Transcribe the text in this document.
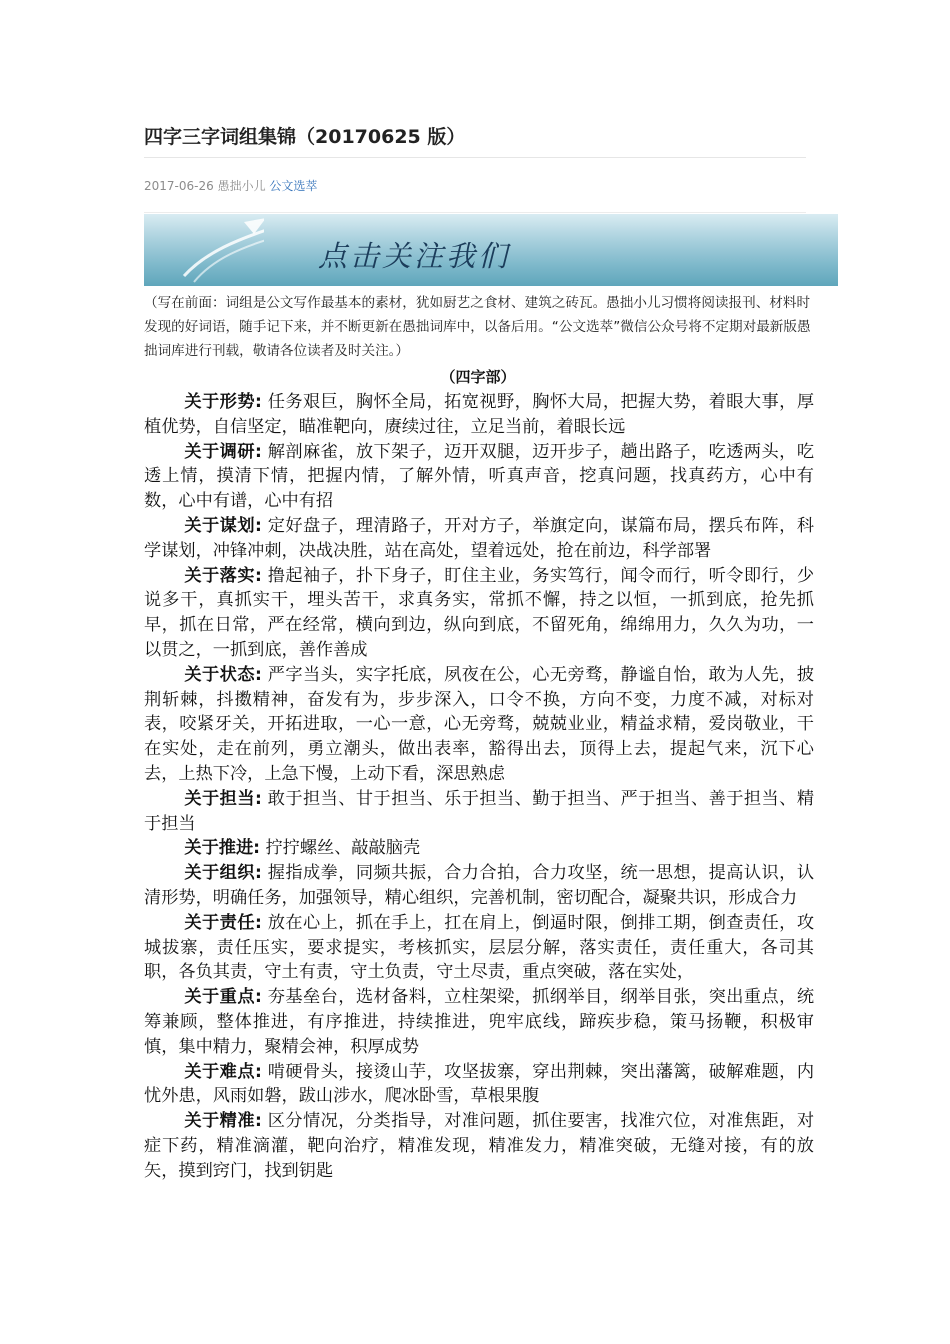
四字三字词组集锦（20170625 版）
2017-06-26 愚拙小儿 公文选萃
点击关注我们
（写在前面：词组是公文写作最基本的素材，犹如厨艺之食材、建筑之砖瓦。愚拙小儿习惯将阅读报刊、材料时发现的好词语，随手记下来，并不断更新在愚拙词库中，以备后用。“公文选萃”微信公众号将不定期对最新版愚拙词库进行刊载，敬请各位读者及时关注。）
（四字部）

关于形势: 任务艰巨，胸怀全局，拓宽视野，胸怀大局，把握大势，着眼大事，厚植优势，自信坚定，瞄准靶向，赓续过往，立足当前，着眼长远

关于调研: 解剖麻雀，放下架子，迈开双腿，迈开步子，趟出路子，吃透两头，吃透上情，摸清下情，把握内情，了解外情，听真声音，挖真问题，找真药方，心中有数，心中有谱，心中有招

关于谋划: 定好盘子，理清路子，开对方子，举旗定向，谋篇布局，摆兵布阵，科学谋划，冲锋冲刺，决战决胜，站在高处，望着远处，抢在前边，科学部署

关于落实: 撸起袖子，扑下身子，盯住主业，务实笃行，闻令而行，听令即行，少说多干，真抓实干，埋头苦干，求真务实，常抓不懈，持之以恒，一抓到底，抢先抓早，抓在日常，严在经常，横向到边，纵向到底，不留死角，绵绵用力，久久为功，一以贯之，一抓到底，善作善成

关于状态: 严字当头，实字托底，夙夜在公，心无旁骛，静谧自怡，敢为人先，披荆斩棘，抖擞精神，奋发有为，步步深入，口令不换，方向不变，力度不减，对标对表，咬紧牙关，开拓进取，一心一意，心无旁骛，兢兢业业，精益求精，爱岗敬业，干在实处，走在前列，勇立潮头，做出表率，豁得出去，顶得上去，提起气来，沉下心去，上热下冷，上急下慢，上动下看，深思熟虑

关于担当: 敢于担当、甘于担当、乐于担当、勤于担当、严于担当、善于担当、精于担当

关于推进: 拧拧螺丝、敲敲脑壳

关于组织: 握指成拳，同频共振，合力合拍，合力攻坚，统一思想，提高认识，认清形势，明确任务，加强领导，精心组织，完善机制，密切配合，凝聚共识，形成合力

关于责任: 放在心上，抓在手上，扛在肩上，倒逼时限，倒排工期，倒查责任，攻城拔寨，责任压实，要求提实，考核抓实，层层分解，落实责任，责任重大，各司其职，各负其责，守土有责，守土负责，守土尽责，重点突破，落在实处，

关于重点: 夯基垒台，选材备料，立柱架梁，抓纲举目，纲举目张，突出重点，统筹兼顾，整体推进，有序推进，持续推进，兜牢底线，蹄疾步稳，策马扬鞭，积极审慎，集中精力，聚精会神，积厚成势

关于难点: 啃硬骨头，接烫山芋，攻坚拔寨，穿出荆棘，突出藩篱，破解难题，内忧外患，风雨如磐，跋山涉水，爬冰卧雪，草根果腹

关于精准: 区分情况，分类指导，对准问题，抓住要害，找准穴位，对准焦距，对症下药，精准滴灌，靶向治疗，精准发现，精准发力，精准突破，无缝对接，有的放矢，摸到窍门，找到钥匙
